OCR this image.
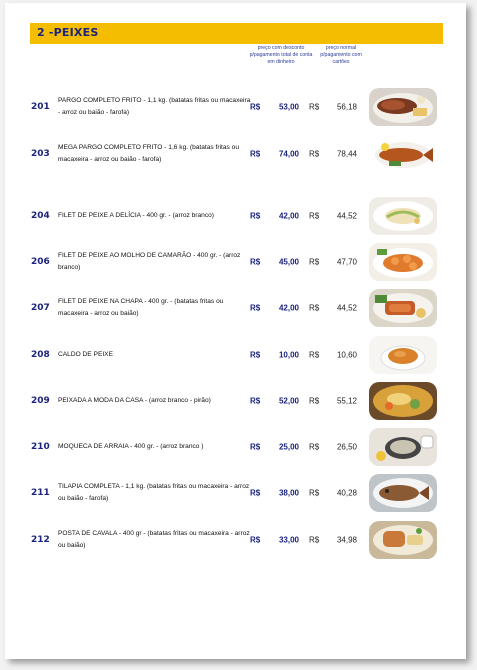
2 -PEIXES
preço com desconto p/pagamento total de conta em dinheiro
preço normal p/pagamento com cartões
201
PARGO COMPLETO FRITO - 1,1 kg. (batatas fritas ou macaxeira - arroz ou baião - farofa)
R$	53,00 R$	56,18
203
MEGA PARGO COMPLETO FRITO - 1,6 kg. (batatas fritas ou macaxeira - arroz ou baião - farofa)
R$	74,00 R$	78,44
204 FILET DE PEIXE A DELÍCIA - 400 gr. - (arroz branco)	R$	42,00 R$	44,52
206
FILET DE PEIXE AO MOLHO DE CAMARÃO - 400 gr. - (arroz branco)
R$	45,00 R$	47,70
207
FILET DE PEIXE NA CHAPA - 400 gr. - (batatas fritas ou macaxeira - arroz ou baião)
R$	42,00 R$	44,52
208 CALDO DE PEIXE	R$	10,00 R$	10,60
209 PEIXADA A MODA DA CASA - (arroz branco - pirão)	R$	52,00 R$	55,12
210 MOQUECA DE ARRAIA - 400 gr. - (arroz branco )	R$	25,00 R$	26,50
211
TILAPIA COMPLETA - 1,1 kg. (batatas fritas ou macaxeira - arroz ou baião - farofa)
R$	38,00 R$	40,28
212
POSTA DE CAVALA - 400 gr - (batatas fritas ou macaxeira - arroz ou baião)
R$	33,00 R$	34,98
